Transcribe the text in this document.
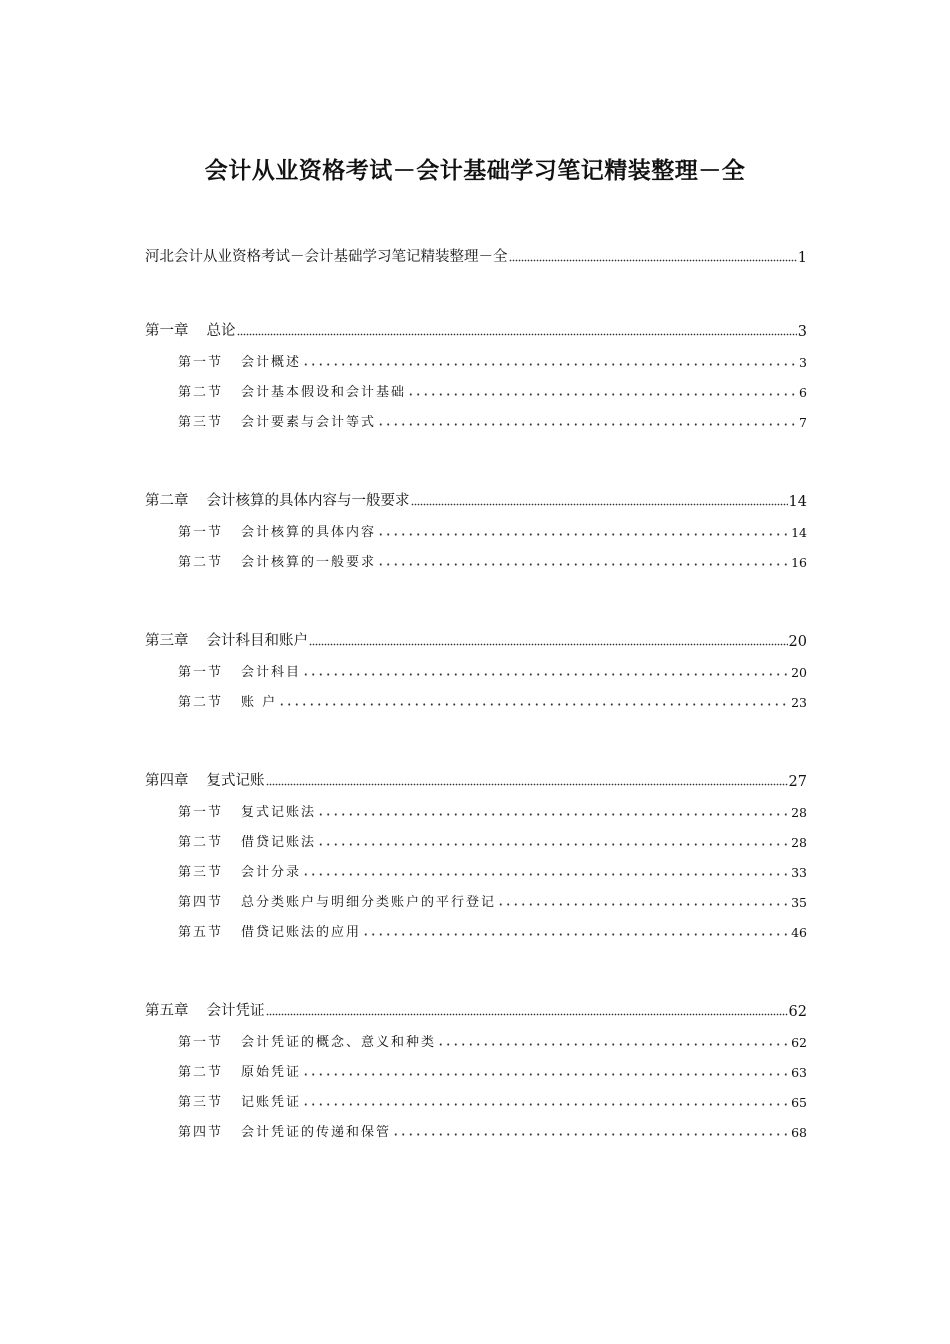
会计从业资格考试－会计基础学习笔记精装整理－全
河北会计从业资格考试－会计基础学习笔记精装整理－全	1
第一章 总论	3
第一节 会计概述	3
第二节 会计基本假设和会计基础	6
第三节 会计要素与会计等式	7
第二章 会计核算的具体内容与一般要求	14
第一节 会计核算的具体内容	14
第二节 会计核算的一般要求	16
第三章 会计科目和账户	20
第一节 会计科目	20
第二节 账 户	23
第四章 复式记账	27
第一节 复式记账法	28
第二节 借贷记账法	28
第三节 会计分录	33
第四节 总分类账户与明细分类账户的平行登记	35
第五节 借贷记账法的应用	46
第五章 会计凭证	62
第一节 会计凭证的概念、意义和种类	62
第二节 原始凭证	63
第三节 记账凭证	65
第四节 会计凭证的传递和保管	68
